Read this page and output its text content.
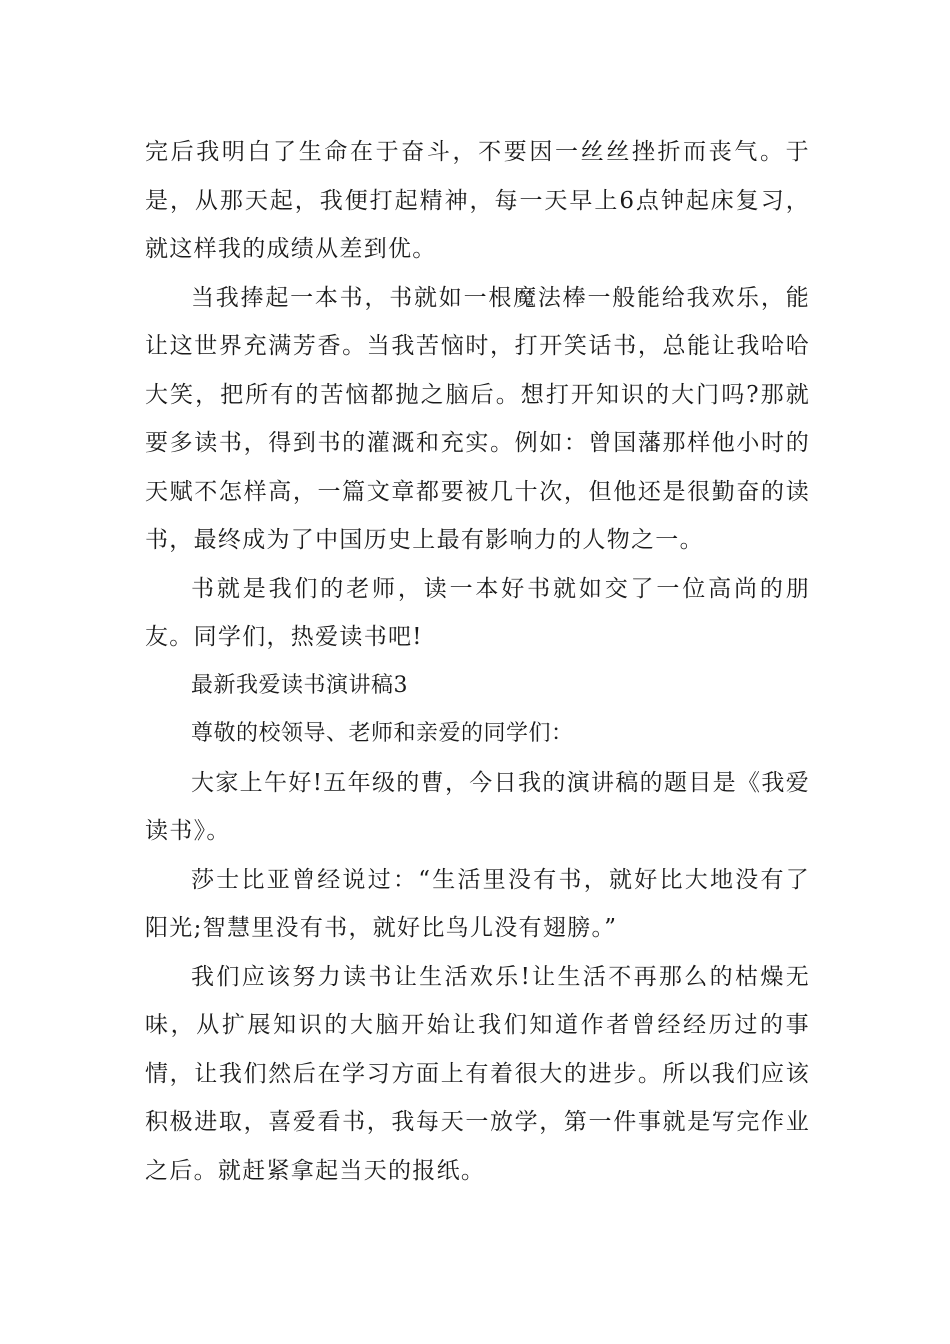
完后我明白了生命在于奋斗，不要因一丝丝挫折而丧气。于是，从那天起，我便打起精神，每一天早上6点钟起床复习，就这样我的成绩从差到优。

当我捧起一本书，书就如一根魔法棒一般能给我欢乐，能让这世界充满芳香。当我苦恼时，打开笑话书，总能让我哈哈大笑，把所有的苦恼都抛之脑后。想打开知识的大门吗?那就要多读书，得到书的灌溉和充实。例如：曾国藩那样他小时的天赋不怎样高，一篇文章都要被几十次，但他还是很勤奋的读书，最终成为了中国历史上最有影响力的人物之一。

书就是我们的老师，读一本好书就如交了一位高尚的朋友。同学们，热爱读书吧!

最新我爱读书演讲稿3

尊敬的校领导、老师和亲爱的同学们：

大家上午好!五年级的曹，今日我的演讲稿的题目是《我爱读书》。

莎士比亚曾经说过：“生活里没有书，就好比大地没有了阳光;智慧里没有书，就好比鸟儿没有翅膀。”

我们应该努力读书让生活欢乐!让生活不再那么的枯燥无味，从扩展知识的大脑开始让我们知道作者曾经经历过的事情，让我们然后在学习方面上有着很大的进步。所以我们应该积极进取，喜爱看书，我每天一放学，第一件事就是写完作业之后。就赶紧拿起当天的报纸。
